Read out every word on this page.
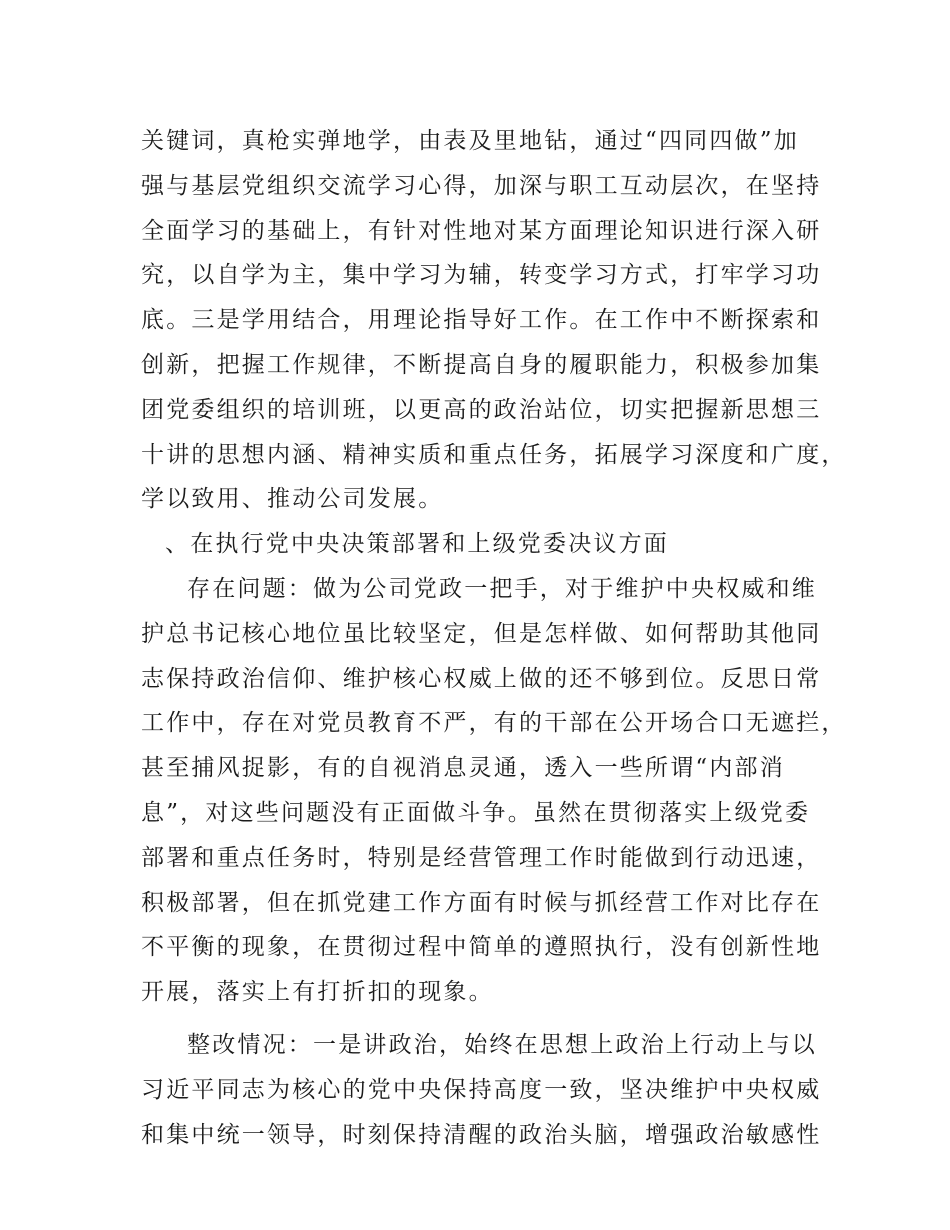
关键词，真枪实弹地学，由表及里地钻，通过“四同四做”加
强与基层党组织交流学习心得，加深与职工互动层次，在坚持
全面学习的基础上，有针对性地对某方面理论知识进行深入研
究，以自学为主，集中学习为辅，转变学习方式，打牢学习功
底。三是学用结合，用理论指导好工作。在工作中不断探索和
创新，把握工作规律，不断提高自身的履职能力，积极参加集
团党委组织的培训班，以更高的政治站位，切实把握新思想三
十讲的思想内涵、精神实质和重点任务，拓展学习深度和广度，
学以致用、推动公司发展。
、在执行党中央决策部署和上级党委决议方面
存在问题：做为公司党政一把手，对于维护中央权威和维
护总书记核心地位虽比较坚定，但是怎样做、如何帮助其他同
志保持政治信仰、维护核心权威上做的还不够到位。反思日常
工作中，存在对党员教育不严，有的干部在公开场合口无遮拦，
甚至捕风捉影，有的自视消息灵通，透入一些所谓“内部消
息”，对这些问题没有正面做斗争。虽然在贯彻落实上级党委
部署和重点任务时，特别是经营管理工作时能做到行动迅速，
积极部署，但在抓党建工作方面有时候与抓经营工作对比存在
不平衡的现象，在贯彻过程中简单的遵照执行，没有创新性地
开展，落实上有打折扣的现象。
整改情况：一是讲政治，始终在思想上政治上行动上与以
习近平同志为核心的党中央保持高度一致，坚决维护中央权威
和集中统一领导，时刻保持清醒的政治头脑，增强政治敏感性
